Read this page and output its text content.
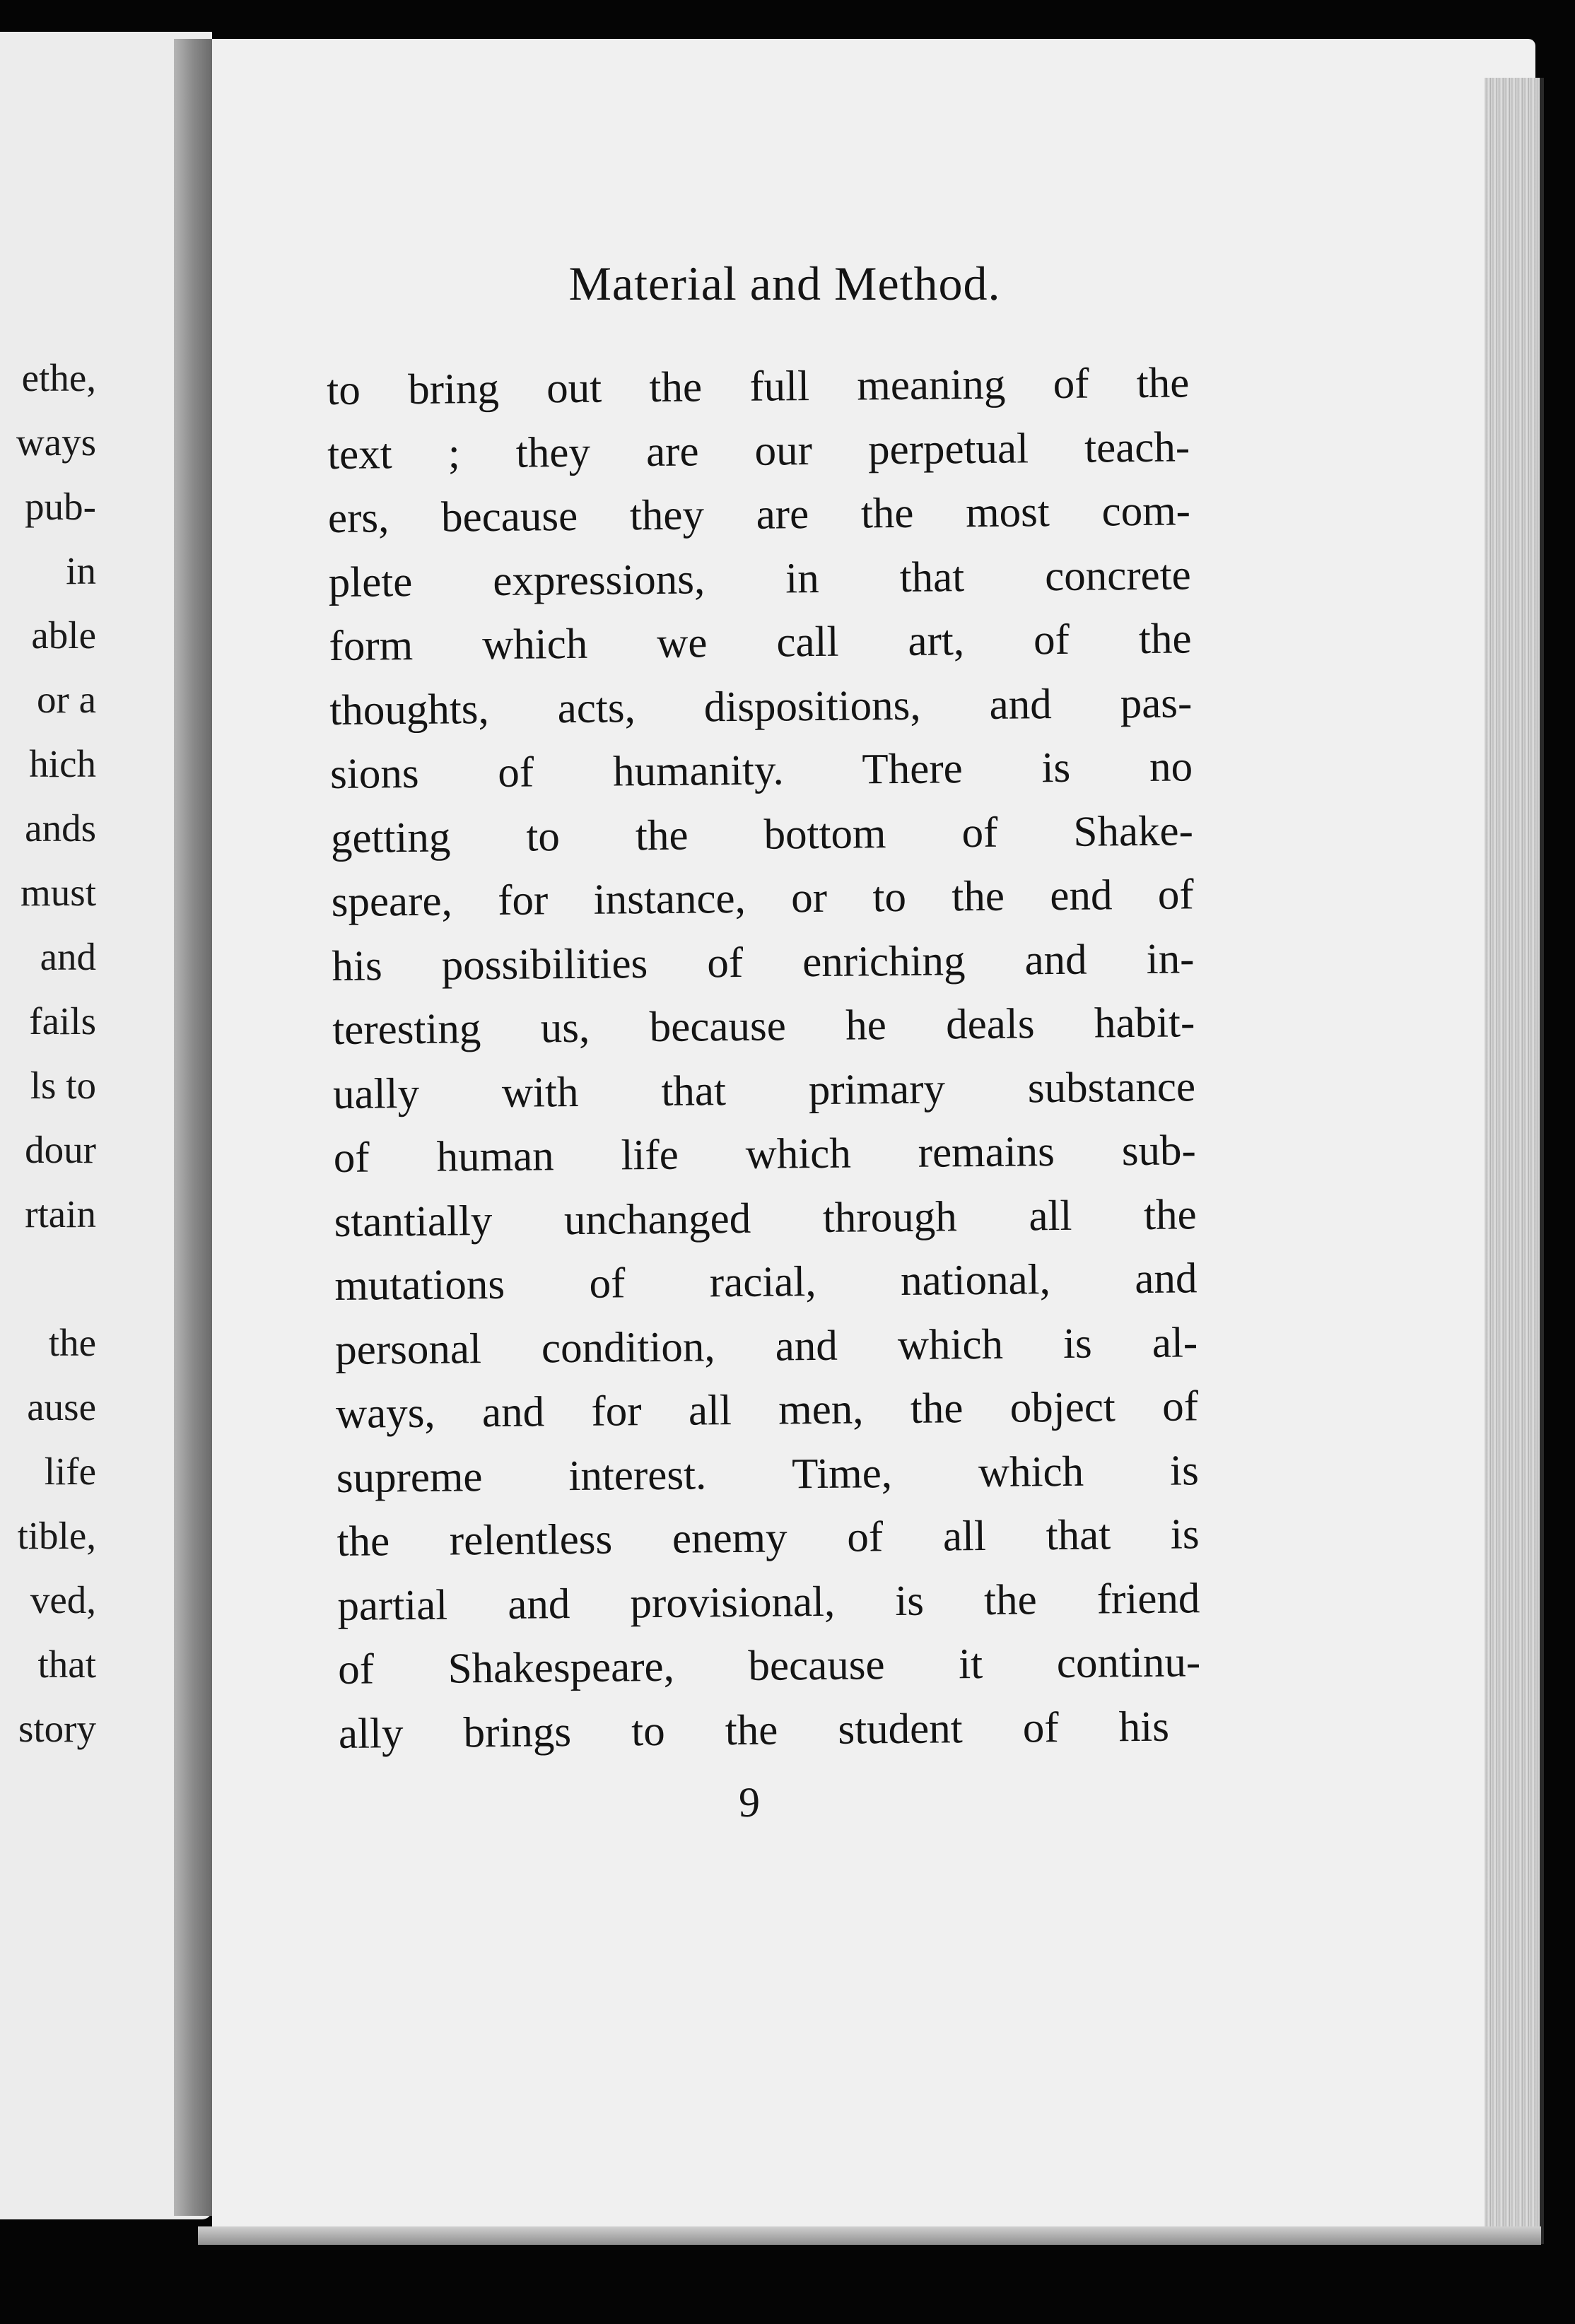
ethe,
ways
pub-
in
able
or a
hich
ands
must
and
fails
ls to
dour
rtain
the
ause
life
tible,
ved,
that
story
Material and Method.
to bring out the full meaning of the
text ; they are our perpetual teach-
ers, because they are the most com-
plete expressions, in that concrete
form which we call art, of the
thoughts, acts, dispositions, and pas-
sions of humanity. There is no
getting to the bottom of Shake-
speare, for instance, or to the end of
his possibilities of enriching and in-
teresting us, because he deals habit-
ually with that primary substance
of human life which remains sub-
stantially unchanged through all the
mutations of racial, national, and
personal condition, and which is al-
ways, and for all men, the object of
supreme interest. Time, which is
the relentless enemy of all that is
partial and provisional, is the friend
of Shakespeare, because it continu-
ally brings to the student of his
9
